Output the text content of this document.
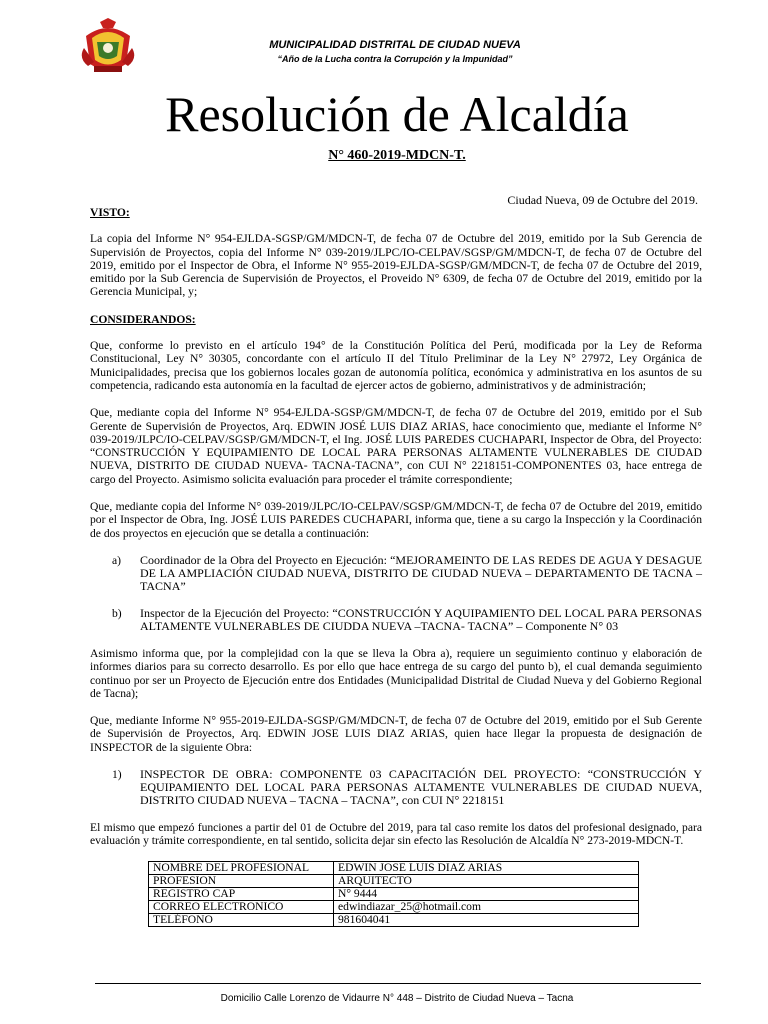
MUNICIPALIDAD DISTRITAL DE CIUDAD NUEVA
“Año de la Lucha contra la Corrupción y la Impunidad”
Resolución de Alcaldía
N° 460-2019-MDCN-T.
Ciudad Nueva, 09 de Octubre del 2019.

VISTO:

La copia del Informe N° 954-EJLDA-SGSP/GM/MDCN-T, de fecha 07 de Octubre del 2019, emitido por la Sub Gerencia de Supervisión de Proyectos, copia del Informe N° 039-2019/JLPC/IO-CELPAV/SGSP/GM/MDCN-T, de fecha 07 de Octubre del 2019, emitido por el Inspector de Obra, el Informe N° 955-2019-EJLDA-SGSP/GM/MDCN-T, de fecha 07 de Octubre del 2019, emitido por la Sub Gerencia de Supervisión de Proyectos, el Proveido N° 6309, de fecha 07 de Octubre del 2019, emitido por la Gerencia Municipal, y;

CONSIDERANDOS:

Que, conforme lo previsto en el artículo 194° de la Constitución Política del Perú, modificada por la Ley de Reforma Constitucional, Ley N° 30305, concordante con el artículo II del Título Preliminar de la Ley N° 27972, Ley Orgánica de Municipalidades, precisa que los gobiernos locales gozan de autonomía política, económica y administrativa en los asuntos de su competencia, radicando esta autonomía en la facultad de ejercer actos de gobierno, administrativos y de administración;

Que, mediante copia del Informe N° 954-EJLDA-SGSP/GM/MDCN-T, de fecha 07 de Octubre del 2019, emitido por el Sub Gerente de Supervisión de Proyectos, Arq. EDWIN JOSÉ LUIS DIAZ ARIAS, hace conocimiento que, mediante el Informe N° 039-2019/JLPC/IO-CELPAV/SGSP/GM/MDCN-T, el Ing. JOSÉ LUIS PAREDES CUCHAPARI, Inspector de Obra, del Proyecto: “CONSTRUCCIÓN Y EQUIPAMIENTO DE LOCAL PARA PERSONAS ALTAMENTE VULNERABLES DE CIUDAD NUEVA, DISTRITO DE CIUDAD NUEVA- TACNA-TACNA”, con CUI N° 2218151-COMPONENTES 03, hace entrega de cargo del Proyecto. Asimismo solicita evaluación para proceder el trámite correspondiente;

Que, mediante copia del Informe N° 039-2019/JLPC/IO-CELPAV/SGSP/GM/MDCN-T, de fecha 07 de Octubre del 2019, emitido por el Inspector de Obra, Ing. JOSÉ LUIS PAREDES CUCHAPARI, informa que, tiene a su cargo la Inspección y la Coordinación de dos proyectos en ejecución que se detalla a continuación:

a)	Coordinador de la Obra del Proyecto en Ejecución: “MEJORAMEINTO DE LAS REDES DE AGUA Y DESAGUE DE LA AMPLIACIÓN CIUDAD NUEVA, DISTRITO DE CIUDAD NUEVA – DEPARTAMENTO DE TACNA – TACNA”
b)	Inspector de la Ejecución del Proyecto: “CONSTRUCCIÓN Y AQUIPAMIENTO DEL LOCAL PARA PERSONAS ALTAMENTE VULNERABLES DE CIUDDA NUEVA –TACNA- TACNA” – Componente N° 03

Asimismo informa que, por la complejidad con la que se lleva la Obra a), requiere un seguimiento continuo y elaboración de informes diarios para su correcto desarrollo. Es por ello que hace entrega de su cargo del punto b), el cual demanda seguimiento continuo por ser un Proyecto de Ejecución entre dos Entidades (Municipalidad Distrital de Ciudad Nueva y del Gobierno Regional de Tacna);

Que, mediante Informe N° 955-2019-EJLDA-SGSP/GM/MDCN-T, de fecha 07 de Octubre del 2019, emitido por el Sub Gerente de Supervisión de Proyectos, Arq. EDWIN JOSE LUIS DIAZ ARIAS, quien hace llegar la propuesta de designación de INSPECTOR de la siguiente Obra:

1)	INSPECTOR DE OBRA: COMPONENTE 03 CAPACITACIÓN DEL PROYECTO: “CONSTRUCCIÓN Y EQUIPAMIENTO DEL LOCAL PARA PERSONAS ALTAMENTE VULNERABLES DE CIUDAD NUEVA, DISTRITO CIUDAD NUEVA – TACNA – TACNA”, con CUI N° 2218151

El mismo que empezó funciones a partir del 01 de Octubre del 2019, para tal caso remite los datos del profesional designado, para evaluación y trámite correspondiente, en tal sentido, solicita dejar sin efecto las Resolución de Alcaldía N° 273-2019-MDCN-T.

NOMBRE DEL PROFESIONAL	EDWIN JOSE LUIS DIAZ ARIAS
PROFESION	ARQUITECTO
REGISTRO CAP	N° 9444
CORREO ELECTRONICO	edwindiazar_25@hotmail.com
TELÉFONO	981604041
Domicilio Calle Lorenzo de Vidaurre N° 448 – Distrito de Ciudad Nueva – Tacna
